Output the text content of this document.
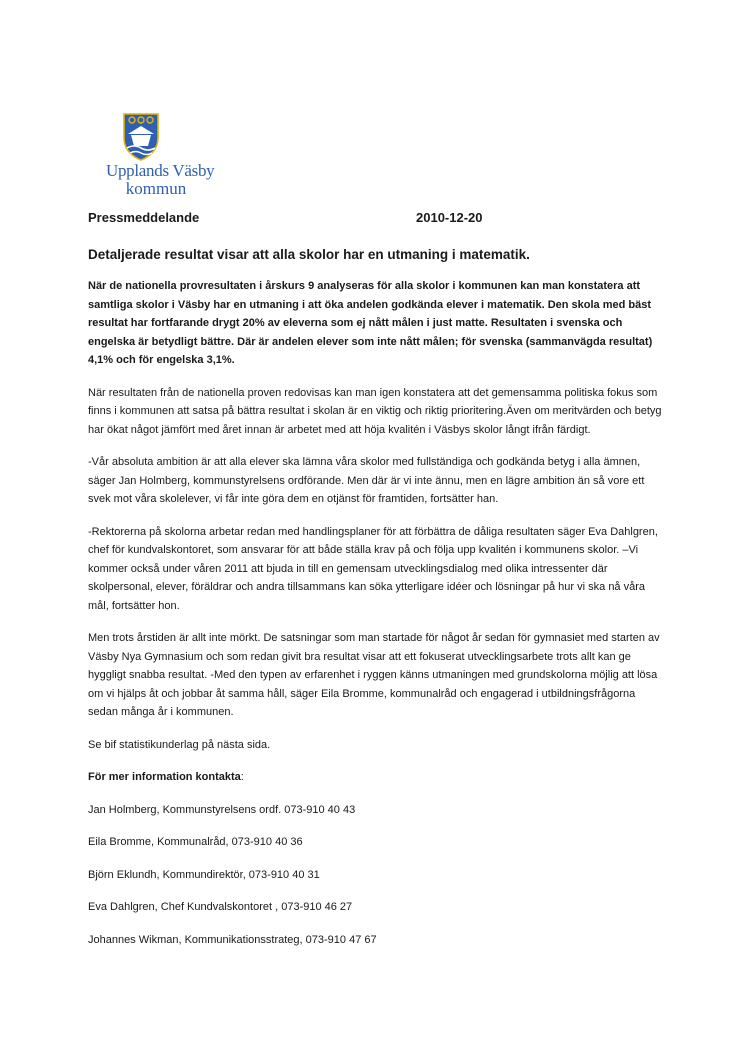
Upplands Väsby
kommun
Pressmeddelande	2010-12-20
Detaljerade resultat visar att alla skolor har en utmaning i matematik.

När de nationella provresultaten i årskurs 9 analyseras för alla skolor i kommunen kan man konstatera att samtliga skolor i Väsby har en utmaning i att öka andelen godkända elever i matematik. Den skola med bäst resultat har fortfarande drygt 20% av eleverna som ej nått målen i just matte. Resultaten i svenska och engelska är betydligt bättre. Där är andelen elever som inte nått målen; för svenska (sammanvägda resultat) 4,1% och för engelska 3,1%.

När resultaten från de nationella proven redovisas kan man igen konstatera att det gemensamma politiska fokus som finns i kommunen att satsa på bättra resultat i skolan är en viktig och riktig prioritering.Även om meritvärden och betyg har ökat något jämfört med året innan är arbetet med att höja kvalitén i Väsbys skolor långt ifrån färdigt.

-Vår absoluta ambition är att alla elever ska lämna våra skolor med fullständiga och godkända betyg i alla ämnen, säger Jan Holmberg, kommunstyrelsens ordförande. Men där är vi inte ännu, men en lägre ambition än så vore ett svek mot våra skolelever, vi får inte göra dem en otjänst för framtiden, fortsätter han.

-Rektorerna på skolorna arbetar redan med handlingsplaner för att förbättra de dåliga resultaten säger Eva Dahlgren, chef för kundvalskontoret, som ansvarar för att både ställa krav på och följa upp kvalitén i kommunens skolor. –Vi kommer också under våren 2011 att bjuda in till en gemensam utvecklingsdialog med olika intressenter där skolpersonal, elever, föräldrar och andra tillsammans kan söka ytterligare idéer och lösningar på hur vi ska nå våra mål, fortsätter hon.

Men trots årstiden är allt inte mörkt. De satsningar som man startade för något år sedan för gymnasiet med starten av Väsby Nya Gymnasium och som redan givit bra resultat visar att ett fokuserat utvecklingsarbete trots allt kan ge hyggligt snabba resultat. -Med den typen av erfarenhet i ryggen känns utmaningen med grundskolorna möjlig att lösa om vi hjälps åt och jobbar åt samma håll, säger Eila Bromme, kommunalråd och engagerad i utbildningsfrågorna sedan många år i kommunen.

Se bif statistikunderlag på nästa sida.

För mer information kontakta:
Jan Holmberg, Kommunstyrelsens ordf. 073-910 40 43
Eila Bromme, Kommunalråd, 073-910 40 36
Björn Eklundh, Kommundirektör, 073-910 40 31
Eva Dahlgren, Chef Kundvalskontoret , 073-910 46 27
Johannes Wikman, Kommunikationsstrateg, 073-910 47 67
